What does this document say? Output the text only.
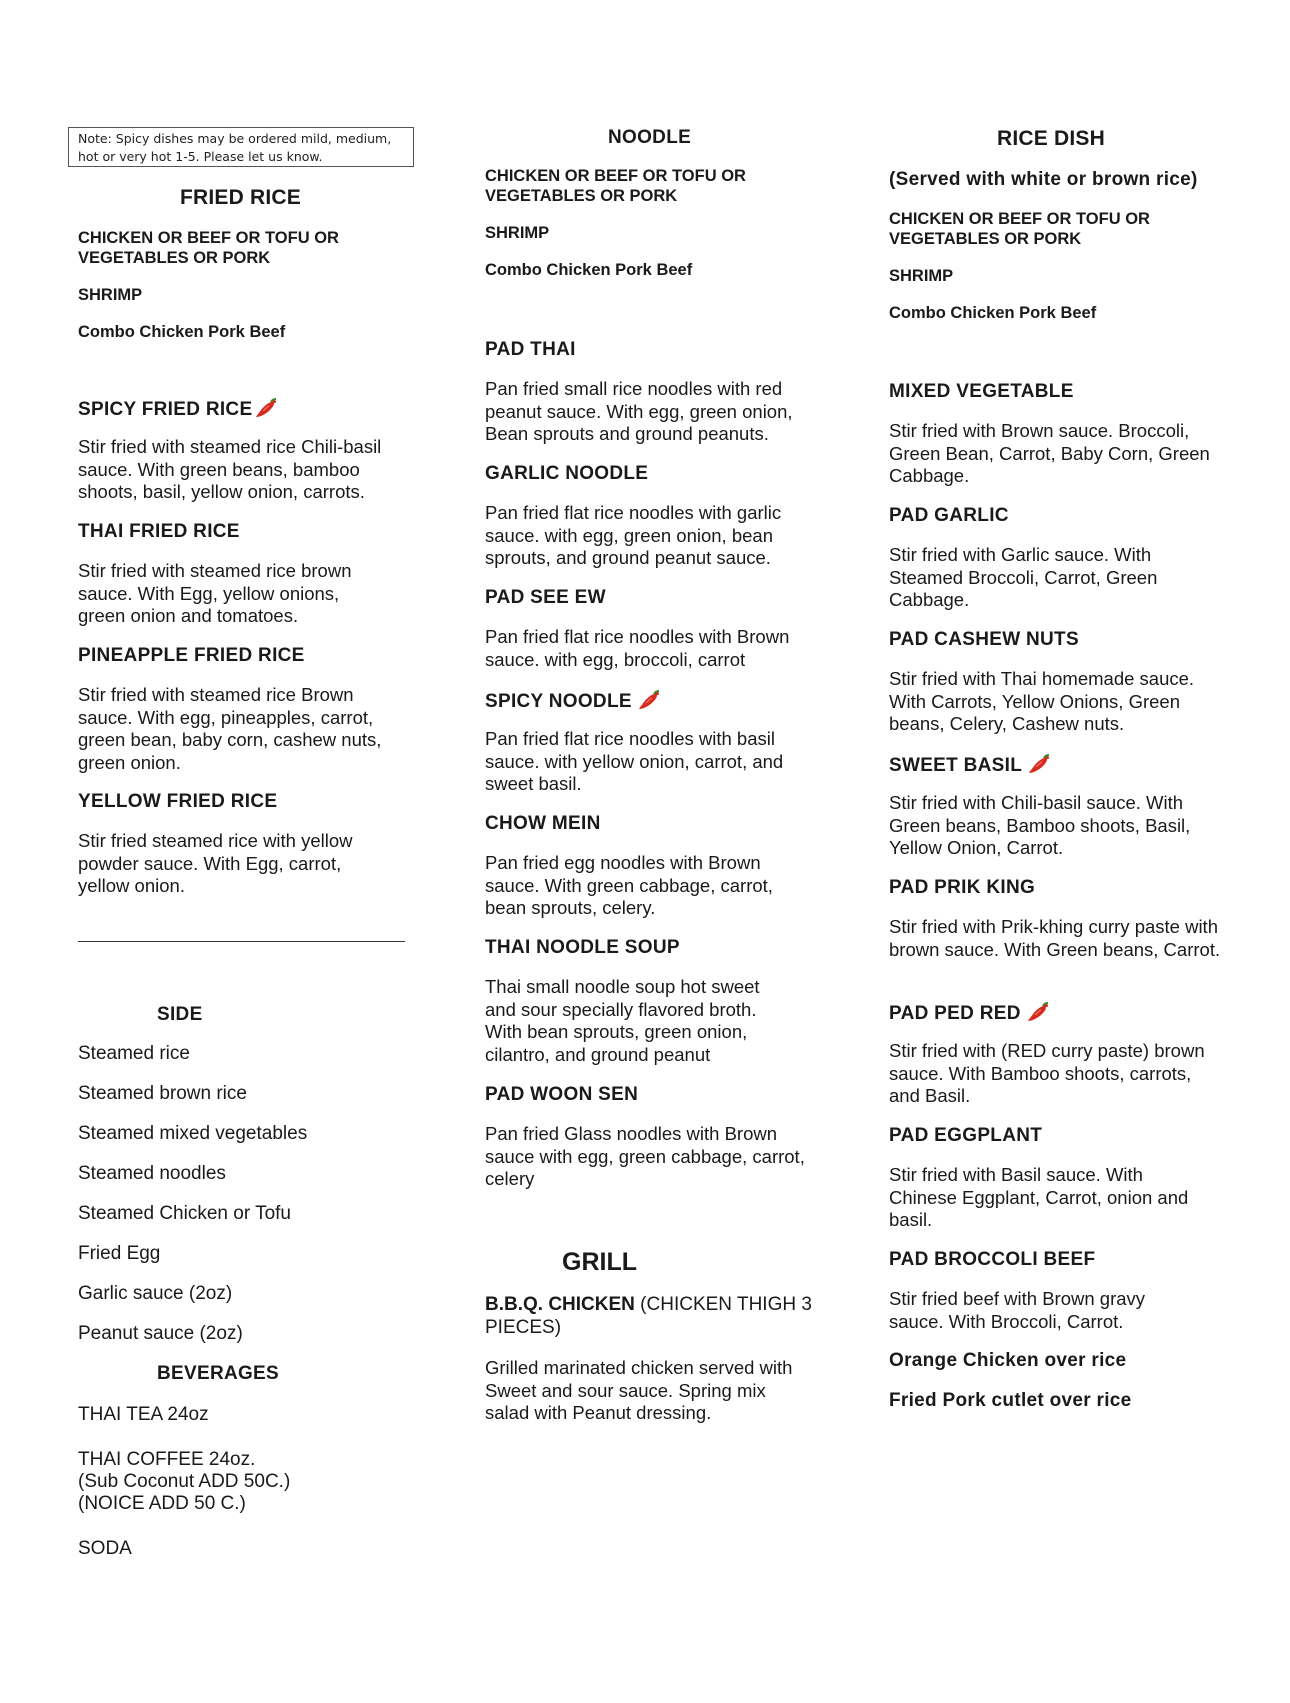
Note: Spicy dishes may be ordered mild, medium, hot or very hot 1-5. Please let us know.
FRIED RICE
CHICKEN OR BEEF OR TOFU OR VEGETABLES OR PORK
SHRIMP
Combo Chicken Pork Beef
SPICY FRIED RICE
Stir fried with steamed rice Chili-basil sauce. With green beans, bamboo shoots, basil, yellow onion, carrots.
THAI FRIED RICE
Stir fried with steamed rice brown sauce. With Egg, yellow onions, green onion and tomatoes.
PINEAPPLE FRIED RICE
Stir fried with steamed rice Brown sauce. With egg, pineapples, carrot, green bean, baby corn, cashew nuts, green onion.
YELLOW FRIED RICE
Stir fried steamed rice with yellow powder sauce. With Egg, carrot, yellow onion.
SIDE
Steamed rice
Steamed brown rice
Steamed mixed vegetables
Steamed noodles
Steamed Chicken or Tofu
Fried Egg
Garlic sauce (2oz)
Peanut sauce (2oz)
BEVERAGES
THAI TEA 24oz
THAI COFFEE 24oz.
(Sub Coconut ADD 50C.)
(NOICE ADD 50 C.)
SODA
NOODLE
CHICKEN OR BEEF OR TOFU OR VEGETABLES OR PORK
SHRIMP
Combo Chicken Pork Beef
PAD THAI
Pan fried small rice noodles with red peanut sauce. With egg, green onion, Bean sprouts and ground peanuts.
GARLIC NOODLE
Pan fried flat rice noodles with garlic sauce. with egg, green onion, bean sprouts, and ground peanut sauce.
PAD SEE EW
Pan fried flat rice noodles with Brown sauce. with egg, broccoli, carrot
SPICY NOODLE
Pan fried flat rice noodles with basil sauce. with yellow onion, carrot, and sweet basil.
CHOW MEIN
Pan fried egg noodles with Brown sauce. With green cabbage, carrot, bean sprouts, celery.
THAI NOODLE SOUP
Thai small noodle soup hot sweet and sour specially flavored broth. With bean sprouts, green onion, cilantro, and ground peanut
PAD WOON SEN
Pan fried Glass noodles with Brown sauce with egg, green cabbage, carrot, celery
GRILL
B.B.Q. CHICKEN (CHICKEN THIGH 3 PIECES)
Grilled marinated chicken served with Sweet and sour sauce. Spring mix salad with Peanut dressing.
RICE DISH
(Served with white or brown rice)
CHICKEN OR BEEF OR TOFU OR VEGETABLES OR PORK
SHRIMP
Combo Chicken Pork Beef
MIXED VEGETABLE
Stir fried with Brown sauce. Broccoli, Green Bean, Carrot, Baby Corn, Green Cabbage.
PAD GARLIC
Stir fried with Garlic sauce. With Steamed Broccoli, Carrot, Green Cabbage.
PAD CASHEW NUTS
Stir fried with Thai homemade sauce. With Carrots, Yellow Onions, Green beans, Celery, Cashew nuts.
SWEET BASIL
Stir fried with Chili-basil sauce. With Green beans, Bamboo shoots, Basil, Yellow Onion, Carrot.
PAD PRIK KING
Stir fried with Prik-khing curry paste with brown sauce. With Green beans, Carrot.
PAD PED RED
Stir fried with (RED curry paste) brown sauce. With Bamboo shoots, carrots, and Basil.
PAD EGGPLANT
Stir fried with Basil sauce. With Chinese Eggplant, Carrot, onion and basil.
PAD BROCCOLI BEEF
Stir fried beef with Brown gravy sauce. With Broccoli, Carrot.
Orange Chicken over rice
Fried Pork cutlet over rice
